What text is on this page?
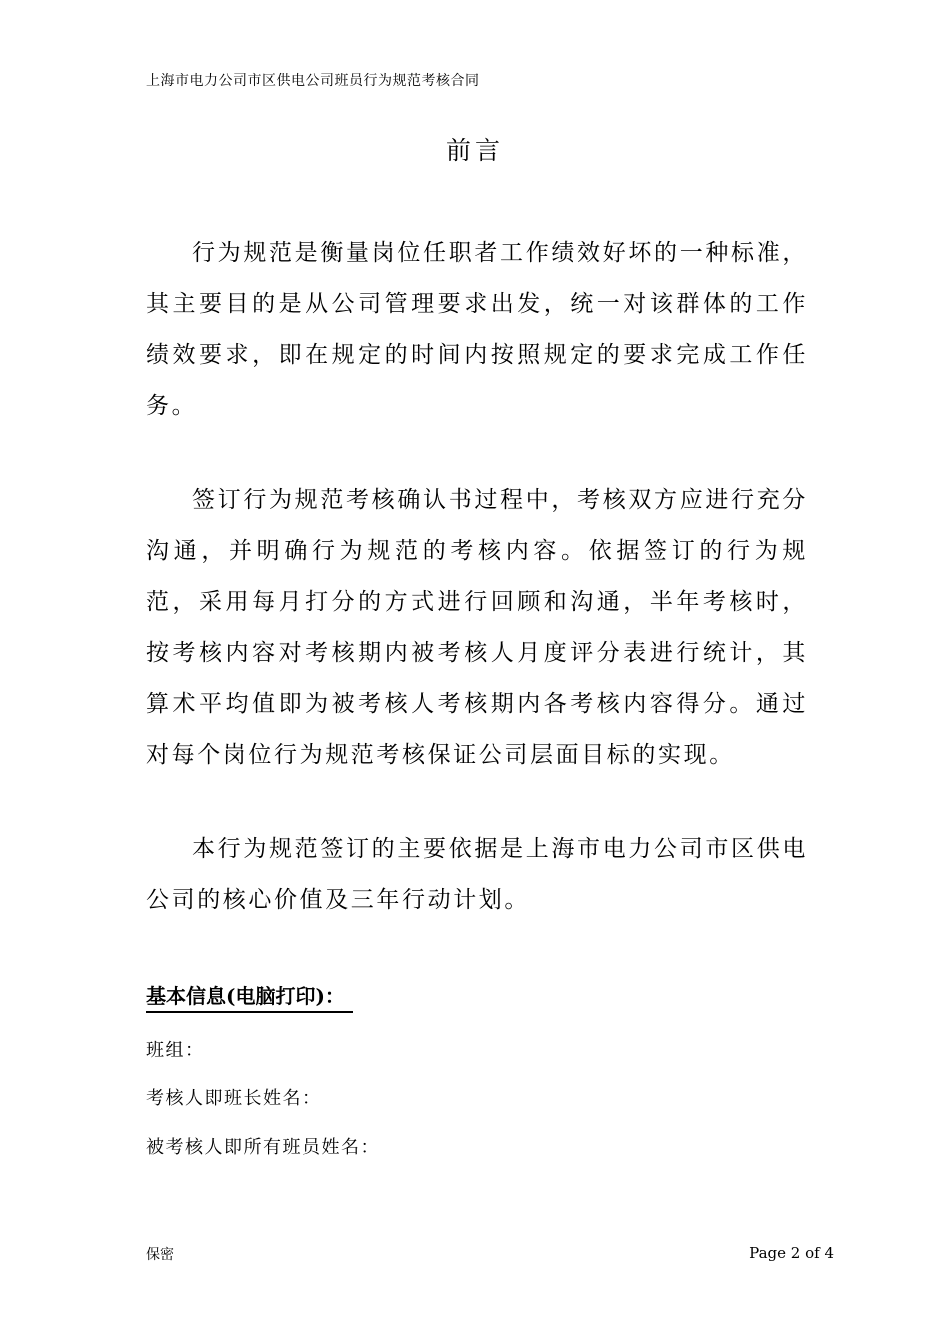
上海市电力公司市区供电公司班员行为规范考核合同
前言

行为规范是衡量岗位任职者工作绩效好坏的一种标准，其主要目的是从公司管理要求出发，统一对该群体的工作绩效要求，即在规定的时间内按照规定的要求完成工作任务。

签订行为规范考核确认书过程中，考核双方应进行充分沟通，并明确行为规范的考核内容。依据签订的行为规范，采用每月打分的方式进行回顾和沟通，半年考核时，按考核内容对考核期内被考核人月度评分表进行统计，其算术平均值即为被考核人考核期内各考核内容得分。通过对每个岗位行为规范考核保证公司层面目标的实现。

本行为规范签订的主要依据是上海市电力公司市区供电公司的核心价值及三年行动计划。

基本信息(电脑打印)：
班组：
考核人即班长姓名：
被考核人即所有班员姓名：
保密	Page 2 of 4
